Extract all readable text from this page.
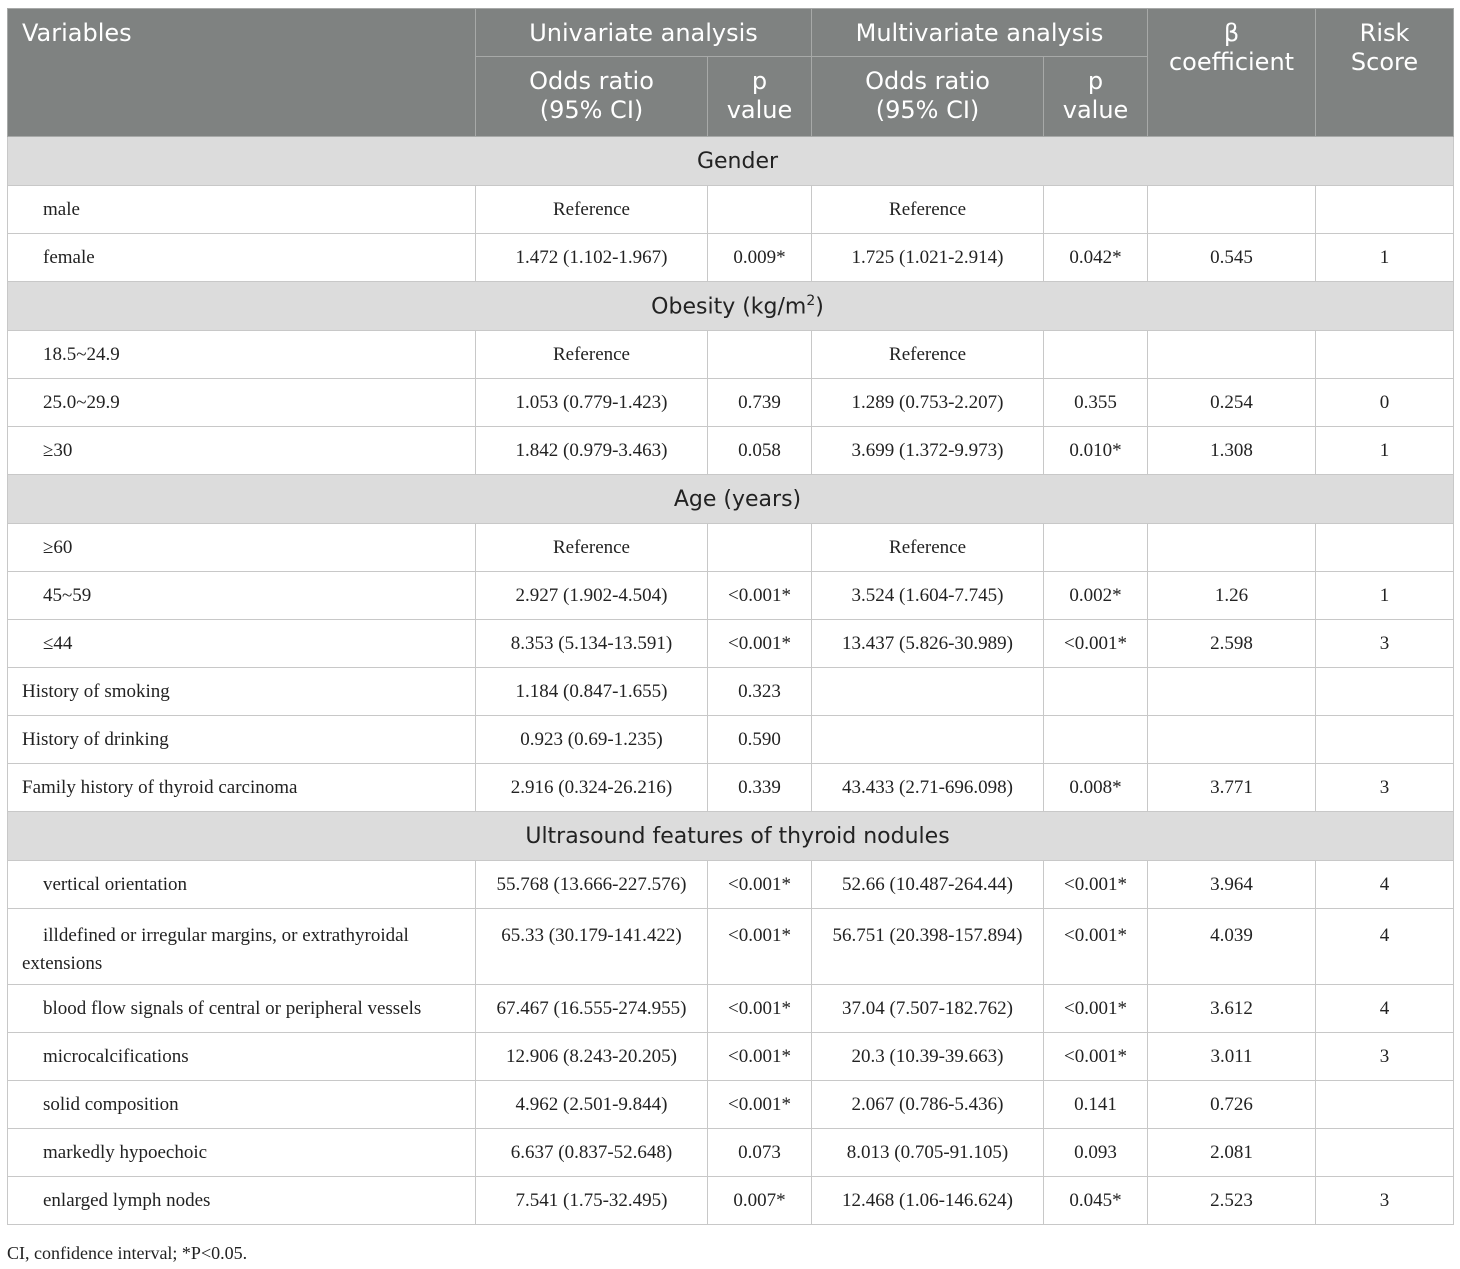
Variables	Univariate analysis		Multivariate analysis		β coefficient	Risk Score
	Odds ratio (95% CI)	p value	Odds ratio (95% CI)	p value		
Gender						
male	Reference		Reference			
female	1.472 (1.102-1.967)	0.009*	1.725 (1.021-2.914)	0.042*	0.545	1
Obesity $(kg/m^2)$						
18.5~24.9	Reference		Reference			
25.0~29.9	1.053 (0.779-1.423)	0.739	1.289 (0.753-2.207)	0.355	0.254	0
≥30	1.842 (0.979-3.463)	0.058	3.699 (1.372-9.973)	0.010*	1.308	1
Age (years)						
≥60	Reference		Reference			
45~59	2.927 (1.902-4.504)	<0.001*	3.524 (1.604-7.745)	0.002*	1.26	1
≤44	8.353 (5.134-13.591)	<0.001*	13.437 (5.826-30.989)	<0.001*	2.598	3
History of smoking	1.184 (0.847-1.655)	0.323				
History of drinking	0.923 (0.69-1.235)	0.590				
Family history of thyroid carcinoma	2.916 (0.324-26.216)	0.339	43.433 (2.71-696.098)	0.008*	3.771	3
Ultrasound features of thyroid nodules						
vertical orientation	55.768 (13.666-227.576)	<0.001*	52.66 (10.487-264.44)	<0.001*	3.964	4
illdefined or irregular margins, or extrathyroidal extensions	65.33 (30.179-141.422)	<0.001*	56.751 (20.398-157.894)	<0.001*	4.039	4
blood flow signals of central or peripheral vessels	67.467 (16.555-274.955)	<0.001*	37.04 (7.507-182.762)	<0.001*	3.612	4
microcalcifications	12.906 (8.243-20.205)	<0.001*	20.3 (10.39-39.663)	<0.001*	3.011	3
solid composition	4.962 (2.501-9.844)	<0.001*	2.067 (0.786-5.436)	0.141	0.726	
markedly hypoechoic	6.637 (0.837-52.648)	0.073	8.013 (0.705-91.105)	0.093	2.081	
enlarged lymph nodes	7.541 (1.75-32.495)	0.007*	12.468 (1.06-146.624)	0.045*	2.523	3
CI, confidence interval; *P<0.05.
